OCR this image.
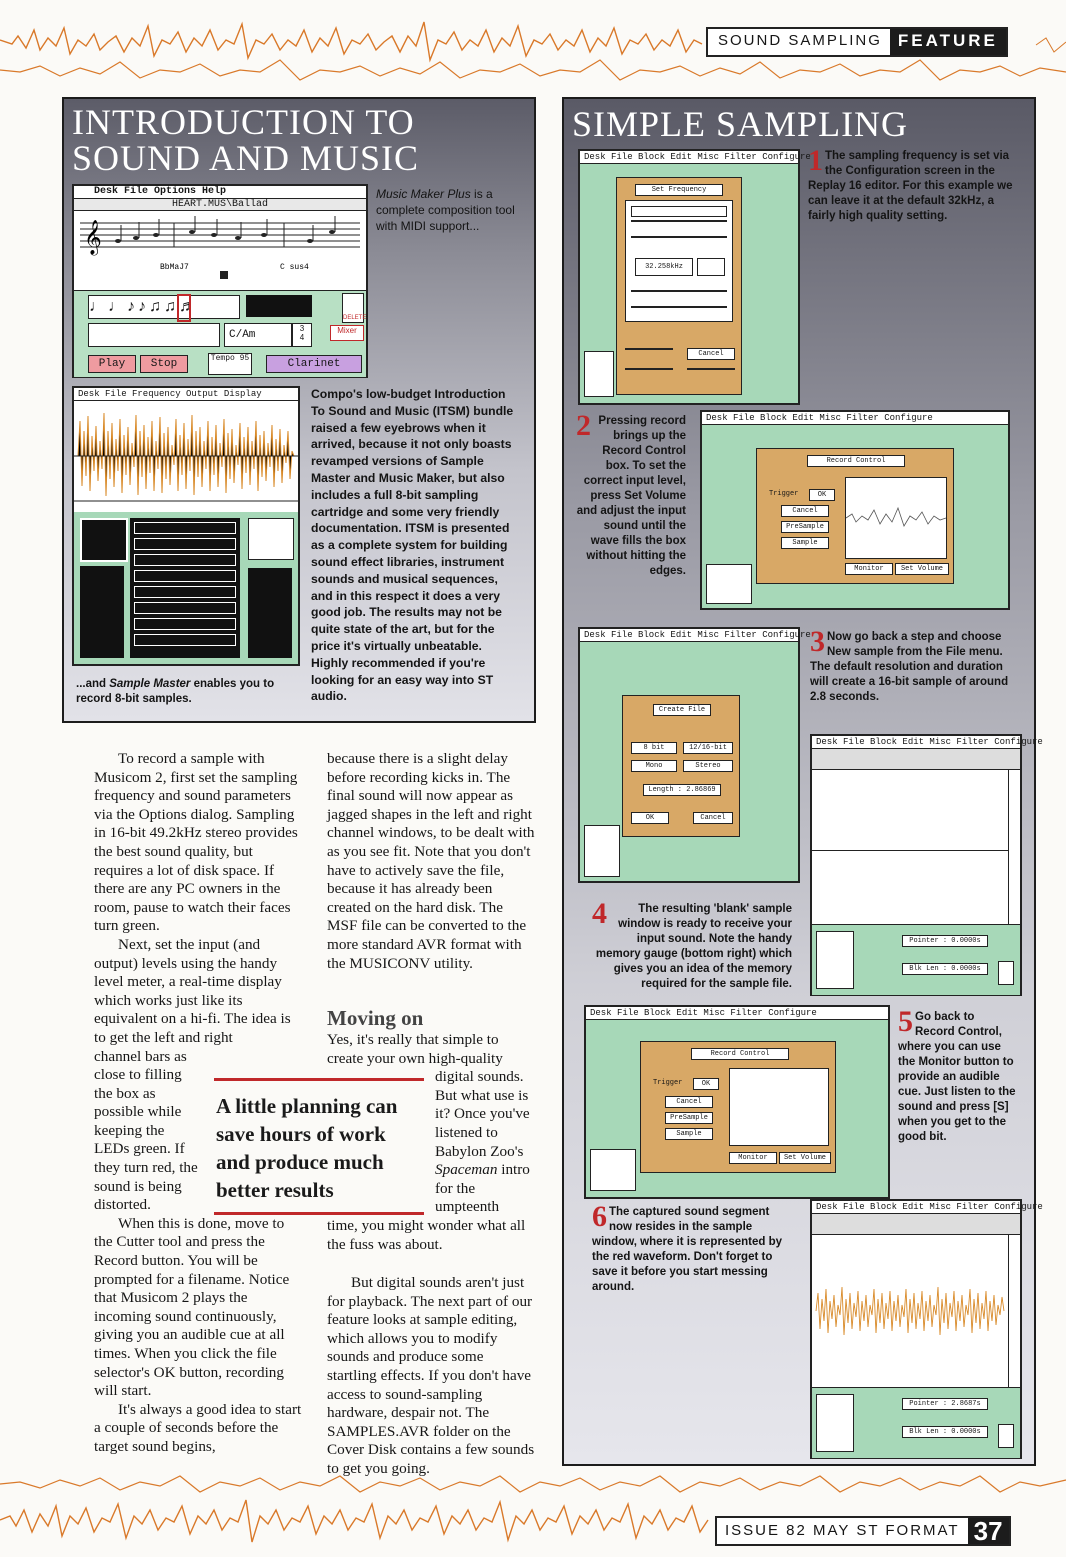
SOUND SAMPLING FEATURE
INTRODUCTION TO
SOUND AND MUSIC
Desk File Options Help
HEART.MUS\Ballad
𝄞
BbMaJ7	C sus4
♩♩♪♪♫♫♬
DELETE
C/Am
3
4
Mixer
Play	Stop	Tempo 95	Clarinet
Music Maker Plus is a complete composition tool with MIDI support...
Desk File Frequency Output Display
...and Sample Master enables you to record 8-bit samples.
Compo's low-budget Introduction To Sound and Music (ITSM) bundle raised a few eyebrows when it arrived, because it not only boasts revamped versions of Sample Master and Music Maker, but also includes a full 8-bit sampling cartridge and some very friendly documentation. ITSM is presented as a complete system for building sound effect libraries, instrument sounds and musical sequences, and in this respect it does a very good job. The results may not be quite state of the art, but for the price it's virtually unbeatable. Highly recommended if you're looking for an easy way into ST audio.
SIMPLE SAMPLING
Desk File Block Edit Misc Filter Configure
Set Frequency
32.258kHz
Cancel
1 The sampling frequency is set via the Configuration screen in the Replay 16 editor. For this example we can leave it at the default 32kHz, a fairly high quality setting.
Desk File Block Edit Misc Filter Configure
Record Control
Trigger	OK
Cancel
PreSample
Sample
Monitor	Set Volume
2 Pressing record brings up the Record Control box. To set the correct input level, press Set Volume and adjust the input sound until the wave fills the box without hitting the edges.
Desk File Block Edit Misc Filter Configure
Create File
8 bit	12/16-bit
Mono	Stereo
Length : 2.86869
OK	Cancel
3 Now go back a step and choose New sample from the File menu. The default resolution and duration will create a 16-bit sample of around 2.8 seconds.
Desk File Block Edit Misc Filter Configure
Pointer : 0.0000s
Blk Len : 0.0000s
4	The resulting 'blank' sample window is ready to receive your input sound. Note the handy memory gauge (bottom right) which gives you an idea of the memory required for the sample file.
Desk File Block Edit Misc Filter Configure
Record Control
Trigger	OK
Cancel
PreSample
Sample
Monitor	Set Volume
5 Go back to Record Control, where you can use the Monitor button to provide an audible cue. Just listen to the sound and press [S] when you get to the good bit.
Desk File Block Edit Misc Filter Configure
Pointer : 2.8687s
Blk Len : 0.0000s
6 The captured sound segment now resides in the sample window, where it is represented by the red waveform. Don't forget to save it before you start messing around.

To record a sample with Musicom 2, first set the sampling frequency and sound parameters via the Options dialog. Sampling in 16-bit 49.2kHz stereo provides the best sound quality, but requires a lot of disk space. If there are any PC owners in the room, pause to watch their faces turn green.

Next, set the input (and output) levels using the handy level meter, a real-time display which works just like its equivalent on a hi-fi. The idea is to get the left and right

channel bars as close to filling the box as possible while keeping the LEDs green. If they turn red, the sound is being distorted.

When this is done, move to the Cutter tool and press the Record button. You will be prompted for a filename. Notice that Musicom 2 plays the incoming sound continuously, giving you an audible cue at all times. When you click the file selector's OK button, recording will start.

It's always a good idea to start a couple of seconds before the target sound begins,

because there is a slight delay before recording kicks in. The final sound will now appear as jagged shapes in the left and right channel windows, to be dealt with as you see fit. Note that you don't have to actively save the file, because it has already been created on the hard disk. The MSF file can be converted to the more standard AVR format with the MUSICONV utility.
Moving on

Yes, it's really that simple to create your own high-quality

digital sounds. But what use is it? Once you've listened to Babylon Zoo's Spaceman intro for the

umpteenth

time, you might wonder what all the fuss was about.

But digital sounds aren't just for playback. The next part of our feature looks at sample editing, which allows you to modify sounds and produce some startling effects. If you don't have access to sound-sampling hardware, despair not. The SAMPLES.AVR folder on the Cover Disk contains a few sounds to get you going.
A little planning can save hours of work and produce much better results
ISSUE 82 MAY ST FORMAT 37
